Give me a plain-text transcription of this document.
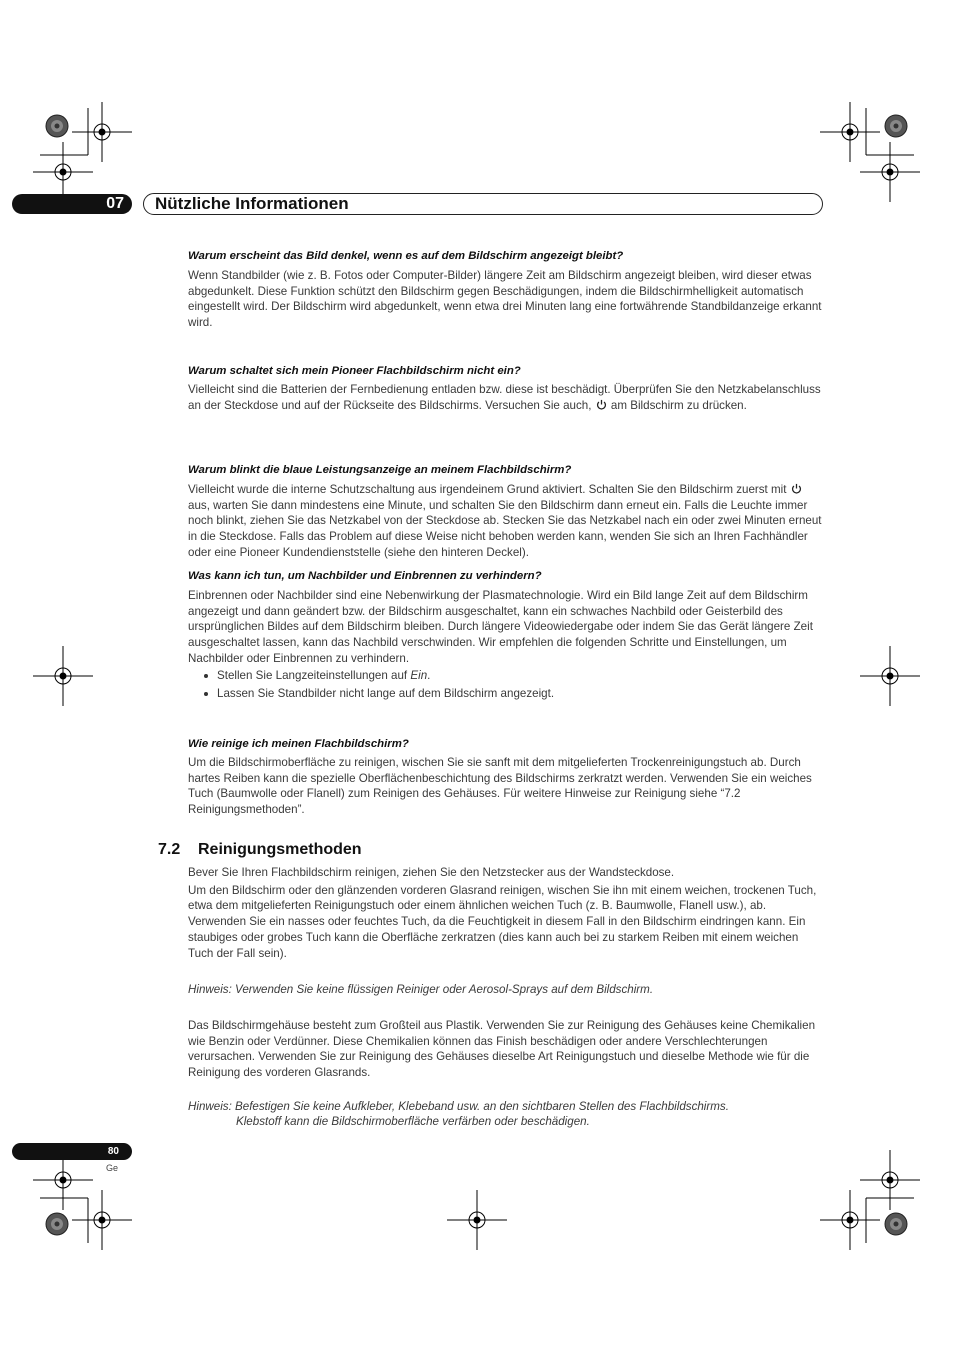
07 Nützliche Informationen

Warum erscheint das Bild denkel, wenn es auf dem Bildschirm angezeigt bleibt?

Wenn Standbilder (wie z. B. Fotos oder Computer-Bilder) längere Zeit am Bildschirm angezeigt bleiben, wird dieser etwas abgedunkelt. Diese Funktion schützt den Bildschirm gegen Beschädigungen, indem die Bildschirmhelligkeit automatisch eingestellt wird. Der Bildschirm wird abgedunkelt, wenn etwa drei Minuten lang eine fortwährende Standbildanzeige erkannt wird.

Warum schaltet sich mein Pioneer Flachbildschirm nicht ein?

Vielleicht sind die Batterien der Fernbedienung entladen bzw. diese ist beschädigt. Überprüfen Sie den Netzkabelanschluss an der Steckdose und auf der Rückseite des Bildschirms. Versuchen Sie auch, am Bildschirm zu drücken.

Warum blinkt die blaue Leistungsanzeige an meinem Flachbildschirm?

Vielleicht wurde die interne Schutzschaltung aus irgendeinem Grund aktiviert. Schalten Sie den Bildschirm zuerst mit  aus, warten Sie dann mindestens eine Minute, und schalten Sie den Bildschirm dann erneut ein. Falls die Leuchte immer noch blinkt, ziehen Sie das Netzkabel von der Steckdose ab. Stecken Sie das Netzkabel nach ein oder zwei Minuten erneut in die Steckdose. Falls das Problem auf diese Weise nicht behoben werden kann, wenden Sie sich an Ihren Fachhändler oder eine Pioneer Kundendienststelle (siehe den hinteren Deckel).

Was kann ich tun, um Nachbilder und Einbrennen zu verhindern?

Einbrennen oder Nachbilder sind eine Nebenwirkung der Plasmatechnologie. Wird ein Bild lange Zeit auf dem Bildschirm angezeigt und dann geändert bzw. der Bildschirm ausgeschaltet, kann ein schwaches Nachbild oder Geisterbild des ursprünglichen Bildes auf dem Bildschirm bleiben. Durch längere Videowiedergabe oder indem Sie das Gerät längere Zeit ausgeschaltet lassen, kann das Nachbild verschwinden. Wir empfehlen die folgenden Schritte und Einstellungen, um Nachbilder oder Einbrennen zu verhindern.

Stellen Sie Langzeiteinstellungen auf Ein.
Lassen Sie Standbilder nicht lange auf dem Bildschirm angezeigt.

Wie reinige ich meinen Flachbildschirm?

Um die Bildschirmoberfläche zu reinigen, wischen Sie sie sanft mit dem mitgelieferten Trockenreinigungstuch ab. Durch hartes Reiben kann die spezielle Oberflächenbeschichtung des Bildschirms zerkratzt werden. Verwenden Sie ein weiches Tuch (Baumwolle oder Flanell) zum Reinigen des Gehäuses. Für weitere Hinweise zur Reinigung siehe “7.2 Reinigungsmethoden”.

7.2 Reinigungsmethoden

Bever Sie Ihren Flachbildschirm reinigen, ziehen Sie den Netzstecker aus der Wandsteckdose.

Um den Bildschirm oder den glänzenden vorderen Glasrand reinigen, wischen Sie ihn mit einem weichen, trockenen Tuch, etwa dem mitgelieferten Reinigungstuch oder einem ähnlichen weichen Tuch (z. B. Baumwolle, Flanell usw.), ab. Verwenden Sie ein nasses oder feuchtes Tuch, da die Feuchtigkeit in diesem Fall in den Bildschirm eindringen kann. Ein staubiges oder grobes Tuch kann die Oberfläche zerkratzen (dies kann auch bei zu starkem Reiben mit einem weichen Tuch der Fall sein).

Hinweis: Verwenden Sie keine flüssigen Reiniger oder Aerosol-Sprays auf dem Bildschirm.

Das Bildschirmgehäuse besteht zum Großteil aus Plastik. Verwenden Sie zur Reinigung des Gehäuses keine Chemikalien wie Benzin oder Verdünner. Diese Chemikalien können das Finish beschädigen oder andere Verschlechterungen verursachen. Verwenden Sie zur Reinigung des Gehäuses dieselbe Art Reinigungstuch und dieselbe Methode wie für die Reinigung des vorderen Glasrands.

Hinweis: Befestigen Sie keine Aufkleber, Klebeband usw. an den sichtbaren Stellen des Flachbildschirms.

Klebstoff kann die Bildschirmoberfläche verfärben oder beschädigen.

80
Ge
